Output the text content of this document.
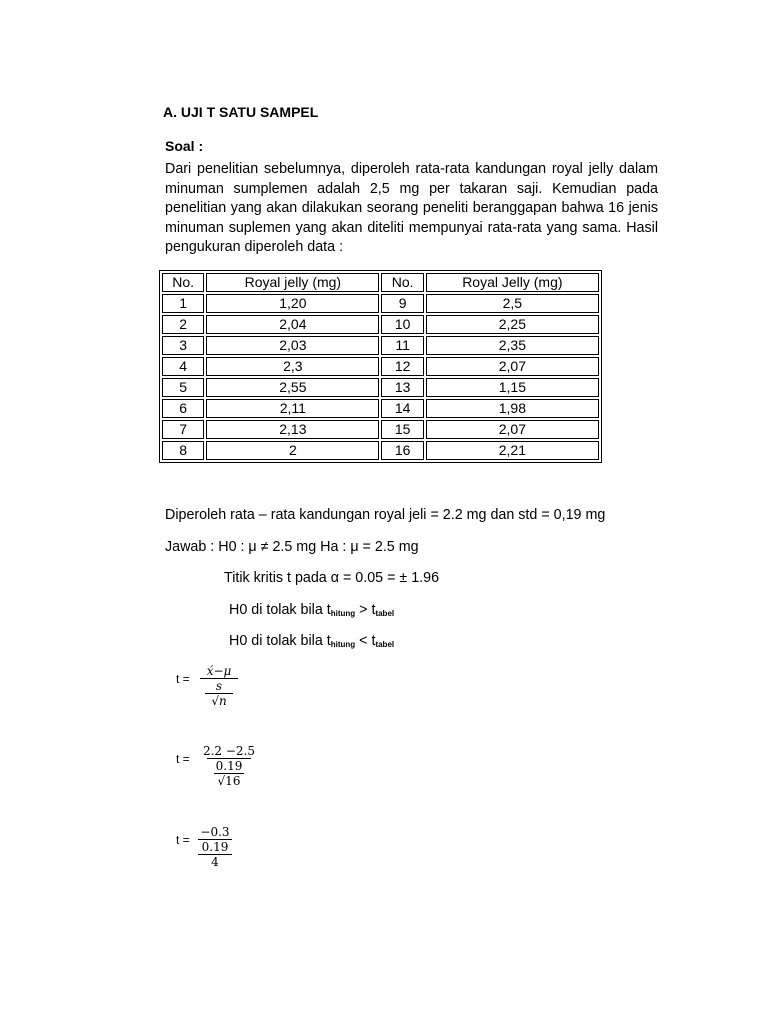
A. UJI T SATU SAMPEL
Soal :
Dari penelitian sebelumnya, diperoleh rata-rata kandungan royal jelly dalam minuman sumplemen adalah 2,5 mg per takaran saji. Kemudian pada penelitian yang akan dilakukan seorang peneliti beranggapan bahwa 16 jenis minuman suplemen yang akan diteliti mempunyai rata-rata yang sama. Hasil pengukuran diperoleh data :
No.	Royal jelly (mg)	No.	Royal Jelly (mg)
1	1,20	9	2,5
2	2,04	10	2,25
3	2,03	11	2,35
4	2,3	12	2,07
5	2,55	13	1,15
6	2,11	14	1,98
7	2,13	15	2,07
8	2	16	2,21
Diperoleh rata – rata kandungan royal jeli = 2.2 mg dan std = 0,19 mg
Jawab : H0 : μ ≠ 2.5 mg Ha : μ = 2.5 mg
Titik kritis t pada α = 0.05 = ± 1.96
H0 di tolak bila $t_{hitung} > t_{tabel}$
H0 di tolak bila $t_{hitung} < t_{tabel}$
t =
x́−μ
s
√n
t =
2.2 −2.5
0.19
√16
t =
−0.3
0.19
4
